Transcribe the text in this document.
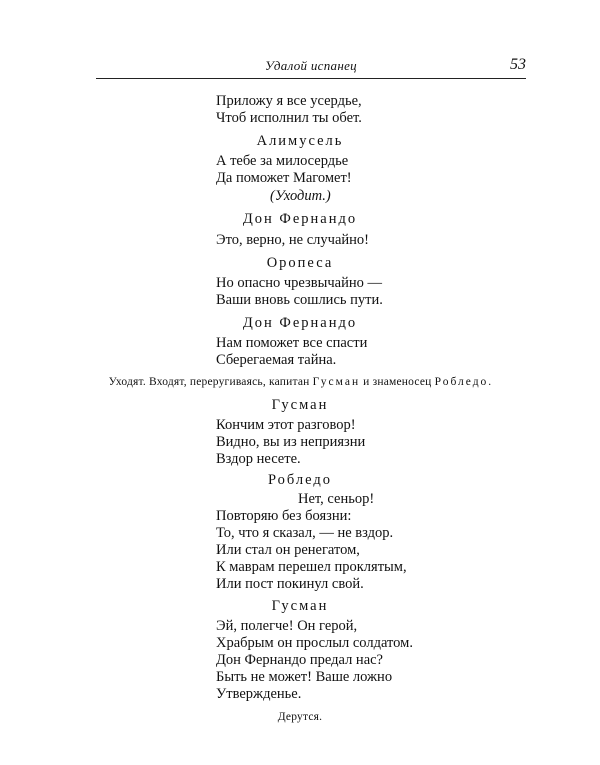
Удалой испанец	53
Приложу я все усердье,
Чтоб исполнил ты обет.
Алимусель
А тебе за милосердье
Да поможет Магомет!
(Уходит.)
Дон Фернандо
Это, верно, не случайно!
Оропеса
Но опасно чрезвычайно —
Ваши вновь сошлись пути.
Дон Фернандо
Нам поможет все спасти
Сберегаемая тайна.
Уходят. Входят, переругиваясь, капитан Гусман и знаменосец Робледо.
Гусман
Кончим этот разговор!
Видно, вы из неприязни
Вздор несете.
Робледо
Нет, сеньор!
Повторяю без боязни:
То, что я сказал, — не вздор.
Или стал он ренегатом,
К маврам перешел проклятым,
Или пост покинул свой.
Гусман
Эй, полегче! Он герой,
Храбрым он прослыл солдатом.
Дон Фернандо предал нас?
Быть не может! Ваше ложно
Утвержденье.
Дерутся.
